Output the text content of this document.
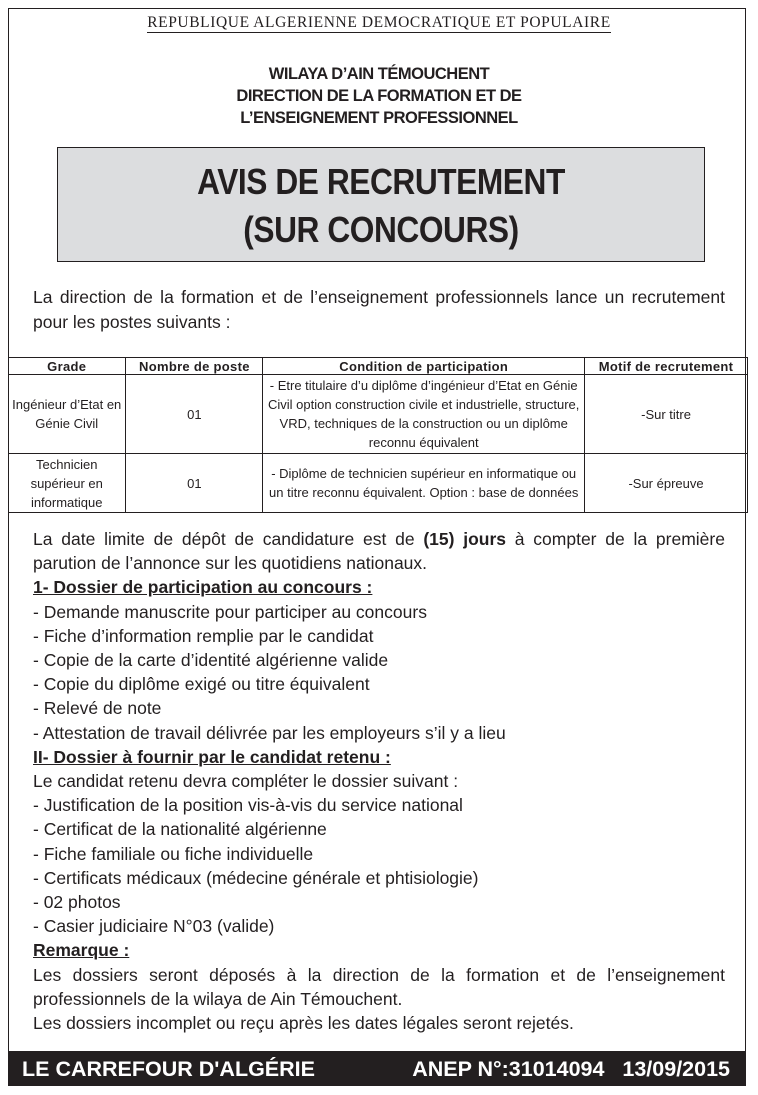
REPUBLIQUE ALGERIENNE DEMOCRATIQUE ET POPULAIRE
WILAYA D’AIN TÉMOUCHENT
DIRECTION DE LA FORMATION ET DE
L’ENSEIGNEMENT PROFESSIONNEL
AVIS DE RECRUTEMENT
(SUR CONCOURS)
La direction de la formation et de l’enseignement professionnels lance un recrutement pour les postes suivants :
Grade	Nombre de poste	Condition de participation	Motif de recrutement
Ingénieur d’Etat en Génie Civil	01	- Etre titulaire d’u diplôme d’ingénieur d’Etat en Génie Civil option construction civile et industrielle, structure, VRD, techniques de la construction ou un diplôme reconnu équivalent	-Sur titre
Technicien supérieur en informatique	01	- Diplôme de technicien supérieur en informatique ou un titre reconnu équivalent. Option : base de données	-Sur épreuve

La date limite de dépôt de candidature est de (15) jours à compter de la première parution de l’annonce sur les quotidiens nationaux.

1- Dossier de participation au concours :

- Demande manuscrite pour participer au concours

- Fiche d’information remplie par le candidat

- Copie de la carte d’identité algérienne valide

- Copie du diplôme exigé ou titre équivalent

- Relevé de note

- Attestation de travail délivrée par les employeurs s’il y a lieu

II- Dossier à fournir par le candidat retenu :

Le candidat retenu devra compléter le dossier suivant :

- Justification de la position vis-à-vis du service national

- Certificat de la nationalité algérienne

- Fiche familiale ou fiche individuelle

- Certificats médicaux (médecine générale et phtisiologie)

- 02 photos

- Casier judiciaire N°03 (valide)

Remarque :

Les dossiers seront déposés à la direction de la formation et de l’enseignement professionnels de la wilaya de Ain Témouchent.

Les dossiers incomplet ou reçu après les dates légales seront rejetés.

LE CARREFOUR D'ALGÉRIE	ANEP N°:31014094 13/09/2015
